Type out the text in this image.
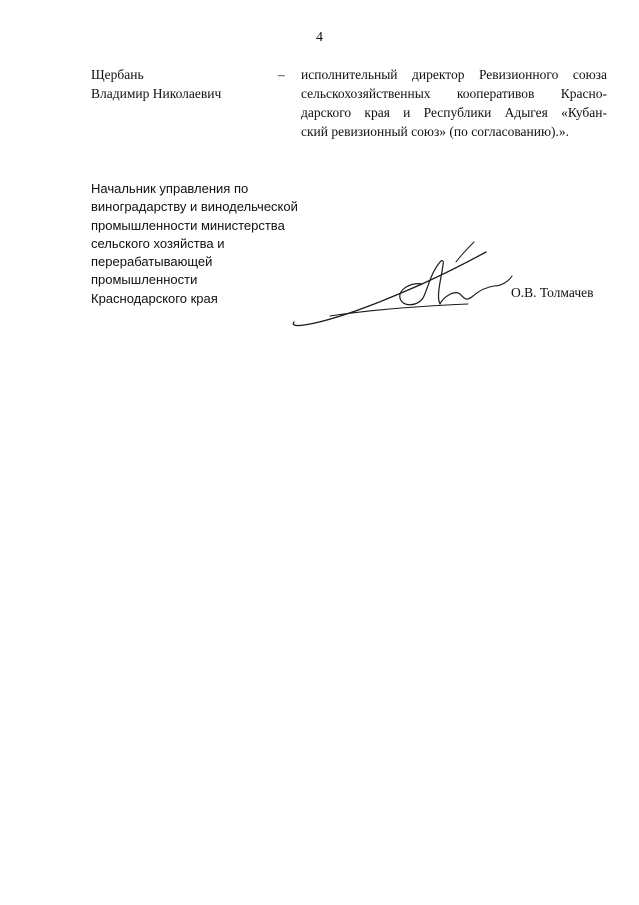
4
Щербань
Владимир Николаевич
– исполнительный директор Ревизионного союза
сельскохозяйственных кооперативов Красно-
дарского края и Республики Адыгея «Кубан-
ский ревизионный союз» (по согласованию).».
Начальник управления по
виноградарству и винодельческой
промышленности министерства
сельского хозяйства и
перерабатывающей
промышленности
Краснодарского края	О.В. Толмачев
